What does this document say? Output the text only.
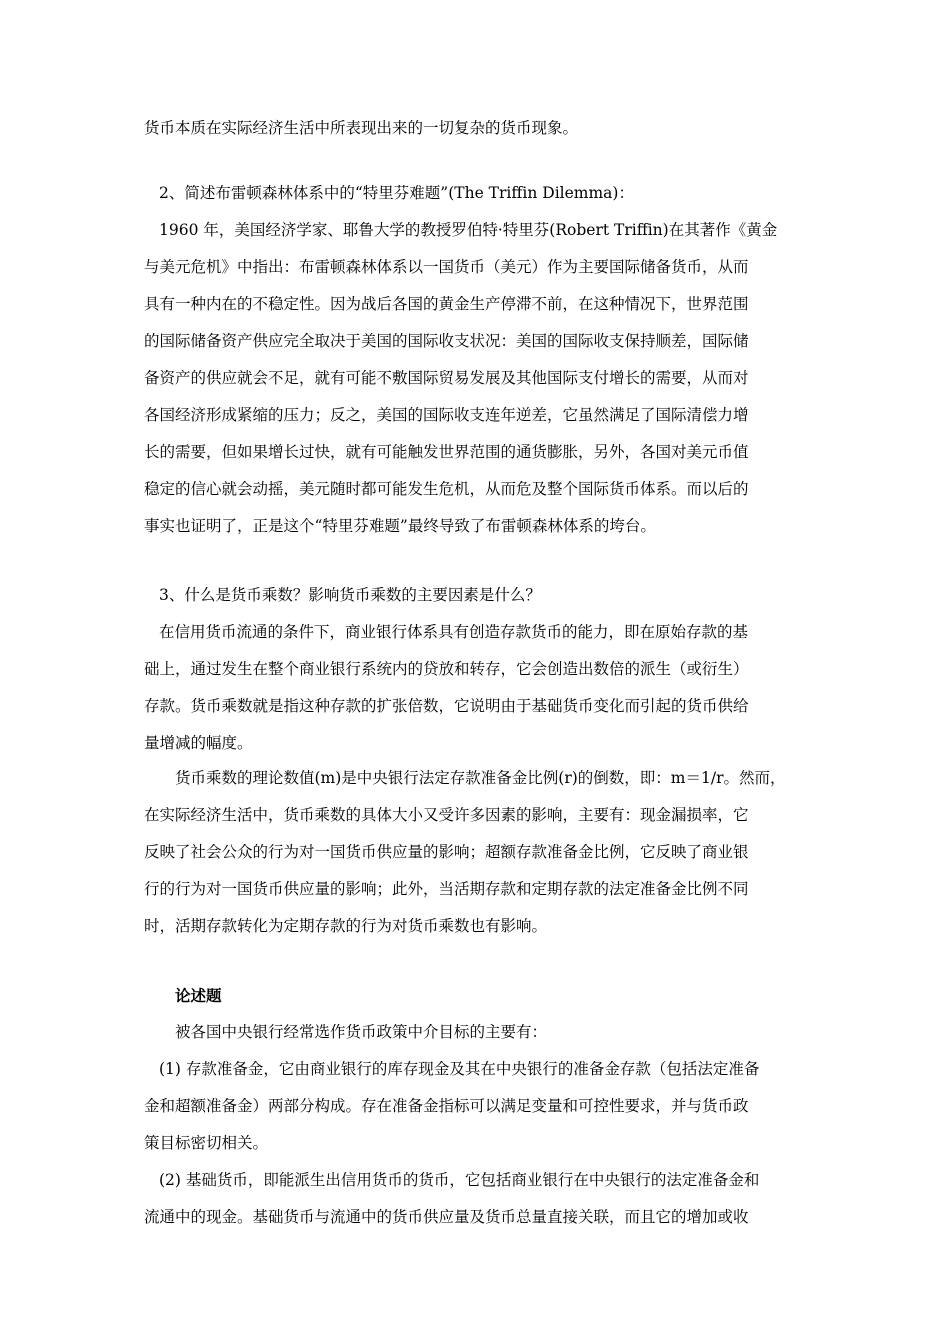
货币本质在实际经济生活中所表现出来的一切复杂的货币现象。
2、简述布雷顿森林体系中的“特里芬难题”(The Triffin Dilemma)：
1960 年，美国经济学家、耶鲁大学的教授罗伯特·特里芬(Robert Triffin)在其著作《黄金
与美元危机》中指出：布雷顿森林体系以一国货币（美元）作为主要国际储备货币，从而
具有一种内在的不稳定性。因为战后各国的黄金生产停滞不前，在这种情况下，世界范围
的国际储备资产供应完全取决于美国的国际收支状况：美国的国际收支保持顺差，国际储
备资产的供应就会不足，就有可能不敷国际贸易发展及其他国际支付增长的需要，从而对
各国经济形成紧缩的压力；反之，美国的国际收支连年逆差，它虽然满足了国际清偿力增
长的需要，但如果增长过快，就有可能触发世界范围的通货膨胀，另外，各国对美元币值
稳定的信心就会动摇，美元随时都可能发生危机，从而危及整个国际货币体系。而以后的
事实也证明了，正是这个“特里芬难题”最终导致了布雷顿森林体系的垮台。
3、什么是货币乘数？影响货币乘数的主要因素是什么？
在信用货币流通的条件下，商业银行体系具有创造存款货币的能力，即在原始存款的基
础上，通过发生在整个商业银行系统内的贷放和转存，它会创造出数倍的派生（或衍生）
存款。货币乘数就是指这种存款的扩张倍数，它说明由于基础货币变化而引起的货币供给
量增减的幅度。
货币乘数的理论数值(m)是中央银行法定存款准备金比例(r)的倒数，即：m＝1/r。然而，
在实际经济生活中，货币乘数的具体大小又受许多因素的影响，主要有：现金漏损率，它
反映了社会公众的行为对一国货币供应量的影响；超额存款准备金比例，它反映了商业银
行的行为对一国货币供应量的影响；此外，当活期存款和定期存款的法定准备金比例不同
时，活期存款转化为定期存款的行为对货币乘数也有影响。
论述题
被各国中央银行经常选作货币政策中介目标的主要有：
(1) 存款准备金，它由商业银行的库存现金及其在中央银行的准备金存款（包括法定准备
金和超额准备金）两部分构成。存在准备金指标可以满足变量和可控性要求，并与货币政
策目标密切相关。
(2) 基础货币，即能派生出信用货币的货币，它包括商业银行在中央银行的法定准备金和
流通中的现金。基础货币与流通中的货币供应量及货币总量直接关联，而且它的增加或收
